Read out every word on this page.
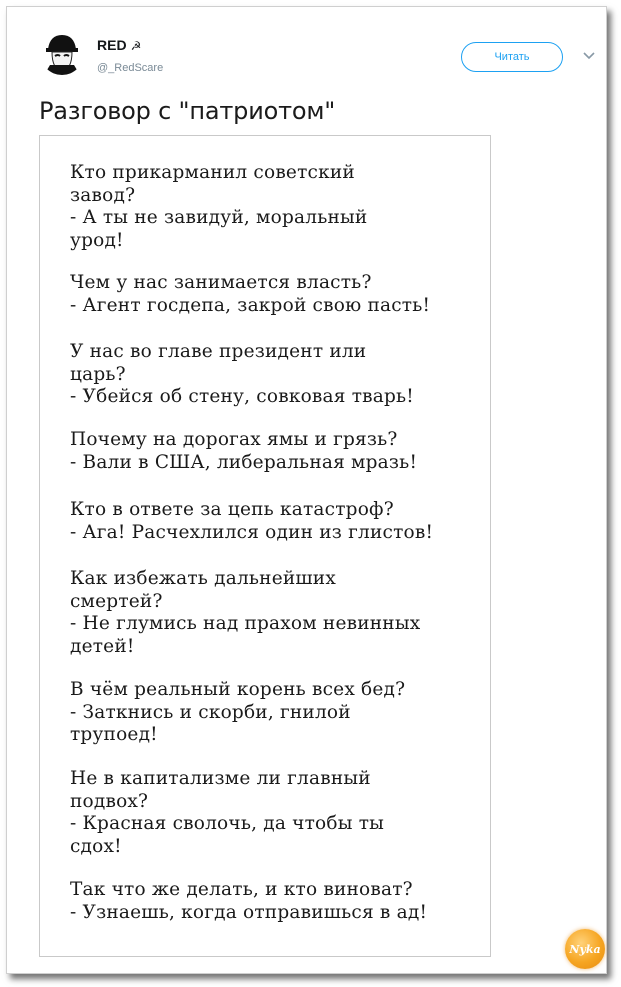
RED ☭
@_RedScare
Читать
Разговор с "патриотом"
Кто прикарманил советский
завод?
- А ты не завидуй, моральный
урод!
Чем у нас занимается власть?
- Агент госдепа, закрой свою пасть!
У нас во главе президент или
царь?
- Убейся об стену, совковая тварь!
Почему на дорогах ямы и грязь?
- Вали в США, либеральная мразь!
Кто в ответе за цепь катастроф?
- Ага! Расчехлился один из глистов!
Как избежать дальнейших
смертей?
- Не глумись над прахом невинных
детей!
В чём реальный корень всех бед?
- Заткнись и скорби, гнилой
трупоед!
Не в капитализме ли главный
подвох?
- Красная сволочь, да чтобы ты
сдох!
Так что же делать, и кто виноват?
- Узнаешь, когда отправишься в ад!
Nyka
